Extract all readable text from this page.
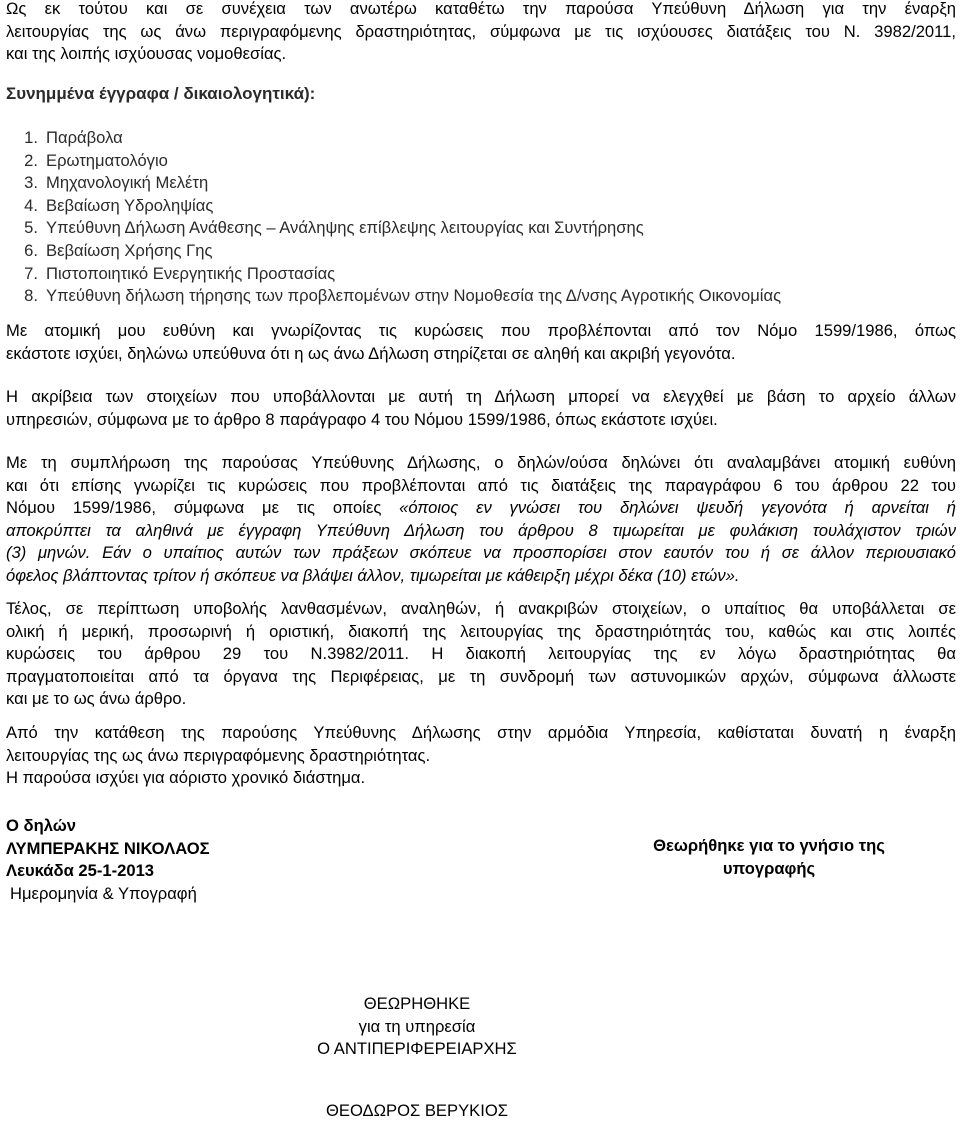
Ως εκ τούτου και σε συνέχεια των ανωτέρω καταθέτω την παρούσα Υπεύθυνη Δήλωση για την έναρξη
λειτουργίας της ως άνω περιγραφόμενης δραστηριότητας, σύμφωνα με τις ισχύουσες διατάξεις του Ν. 3982/2011,
και της λοιπής ισχύουσας νομοθεσίας.

Συνημμένα έγγραφα / δικαιολογητικά):
1. Παράβολα
2. Ερωτηματολόγιο
3. Μηχανολογική Μελέτη
4. Βεβαίωση Υδροληψίας
5. Υπεύθυνη Δήλωση Ανάθεσης – Ανάληψης επίβλεψης λειτουργίας και Συντήρησης
6. Βεβαίωση Χρήσης Γης
7. Πιστοποιητικό Ενεργητικής Προστασίας
8. Υπεύθυνη δήλωση τήρησης των προβλεπομένων στην Νομοθεσία της Δ/νσης Αγροτικής Οικονομίας

Με ατομική μου ευθύνη και γνωρίζοντας τις κυρώσεις που προβλέπονται από τον Νόμο 1599/1986, όπως
εκάστοτε ισχύει, δηλώνω υπεύθυνα ότι η ως άνω Δήλωση στηρίζεται σε αληθή και ακριβή γεγονότα.

Η ακρίβεια των στοιχείων που υποβάλλονται με αυτή τη Δήλωση μπορεί να ελεγχθεί με βάση το αρχείο άλλων
υπηρεσιών, σύμφωνα με το άρθρο 8 παράγραφο 4 του Νόμου 1599/1986, όπως εκάστοτε ισχύει.

Με τη συμπλήρωση της παρούσας Υπεύθυνης Δήλωσης, ο δηλών/ούσα δηλώνει ότι αναλαμβάνει ατομική ευθύνη
και ότι επίσης γνωρίζει τις κυρώσεις που προβλέπονται από τις διατάξεις της παραγράφου 6 του άρθρου 22 του
Νόμου 1599/1986, σύμφωνα με τις οποίες «όποιος εν γνώσει του δηλώνει ψευδή γεγονότα ή αρνείται ή
αποκρύπτει τα αληθινά με έγγραφη Υπεύθυνη Δήλωση του άρθρου 8 τιμωρείται με φυλάκιση τουλάχιστον τριών
(3) μηνών. Εάν ο υπαίτιος αυτών των πράξεων σκόπευε να προσπορίσει στον εαυτόν του ή σε άλλον περιουσιακό
όφελος βλάπτοντας τρίτον ή σκόπευε να βλάψει άλλον, τιμωρείται με κάθειρξη μέχρι δέκα (10) ετών».

Τέλος, σε περίπτωση υποβολής λανθασμένων, αναληθών, ή ανακριβών στοιχείων, ο υπαίτιος θα υποβάλλεται σε
ολική ή μερική, προσωρινή ή οριστική, διακοπή της λειτουργίας της δραστηριότητάς του, καθώς και στις λοιπές
κυρώσεις του άρθρου 29 του Ν.3982/2011. Η διακοπή λειτουργίας της εν λόγω δραστηριότητας θα
πραγματοποιείται από τα όργανα της Περιφέρειας, με τη συνδρομή των αστυνομικών αρχών, σύμφωνα άλλωστε
και με το ως άνω άρθρο.

Από την κατάθεση της παρούσης Υπεύθυνης Δήλωσης στην αρμόδια Υπηρεσία, καθίσταται δυνατή η έναρξη
λειτουργίας της ως άνω περιγραφόμενης δραστηριότητας.
Η παρούσα ισχύει για αόριστο χρονικό διάστημα.

Ο δηλών
ΛΥΜΠΕΡΑΚΗΣ ΝΙΚΟΛΑΟΣ
Λευκάδα 25-1-2013
Ημερομηνία & Υπογραφή
Θεωρήθηκε για το γνήσιο της
υπογραφής
ΘΕΩΡΗΘΗΚΕ
για τη υπηρεσία
Ο ΑΝΤΙΠΕΡΙΦΕΡΕΙΑΡΧΗΣ
ΘΕΟΔΩΡΟΣ ΒΕΡΥΚΙΟΣ
